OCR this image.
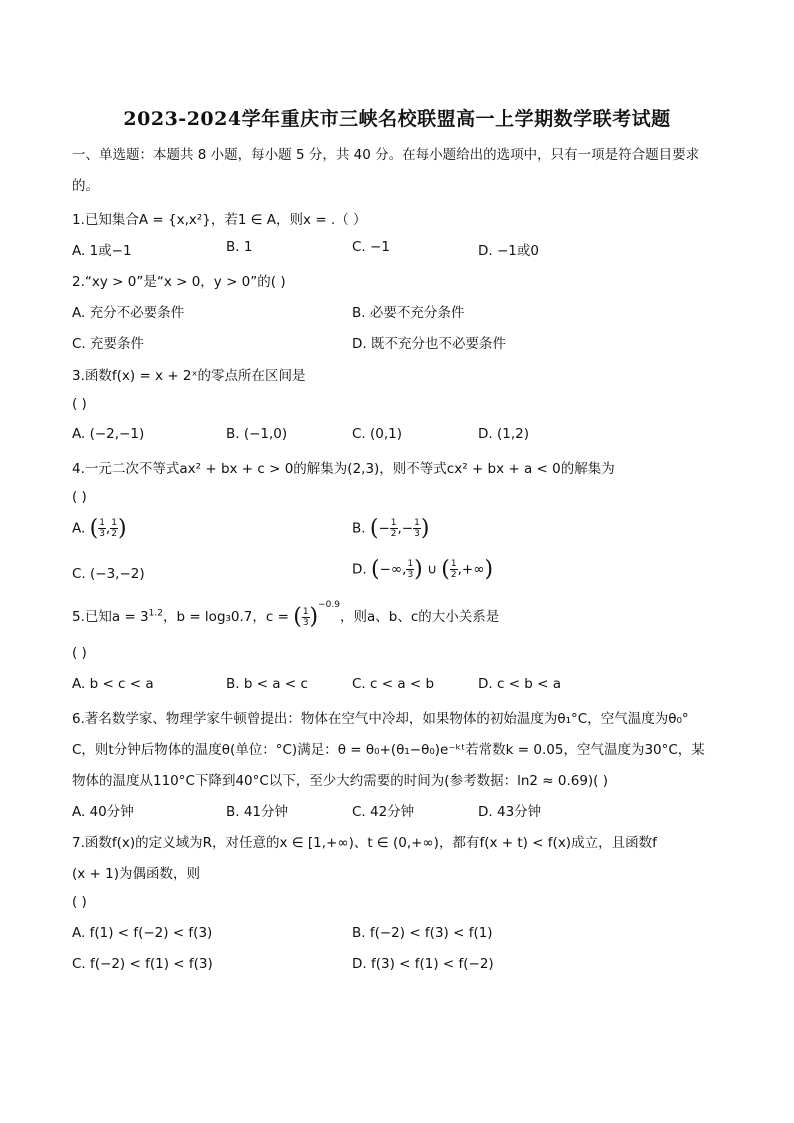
2023-2024学年重庆市三峡名校联盟高一上学期数学联考试题
一、单选题：本题共 8 小题，每小题 5 分，共 40 分。在每小题给出的选项中，只有一项是符合题目要求
的。
1.已知集合A = {x,x²}，若1 ∈ A，则x = .（ ）
A. 1或−1	B. 1	C. −1	D. −1或0
2.“xy > 0”是“x > 0，y > 0”的( )
A. 充分不必要条件	B. 必要不充分条件
C. 充要条件	D. 既不充分也不必要条件
3.函数f(x) = x + 2ˣ的零点所在区间是
( )
A. (−2,−1)	B. (−1,0)	C. (0,1)	D. (1,2)
4.一元二次不等式ax² + bx + c > 0的解集为(2,3)，则不等式cx² + bx + a < 0的解集为
( )
A. ( $\frac{1}{3}$ , $\frac{1}{2}$ )	B. (− $\frac{1}{2}$ ,− $\frac{1}{3}$ )
C. (−3,−2)	D. (−∞, $\frac{1}{3}$ ) ∪ ( $\frac{1}{2}$ ,+∞)
5.已知$a = 3^{1.2}$，b = log₃0.7，c = ( $\frac{1}{3} )^{-0.9}$，则a、b、c的大小关系是
( )
A. b < c < a	B. b < a < c	C. c < a < b	D. c < b < a
6.著名数学家、物理学家牛顿曾提出：物体在空气中冷却，如果物体的初始温度为θ₁°C，空气温度为θ₀°
C，则t分钟后物体的温度θ(单位：°C)满足：θ = θ₀+(θ₁−θ₀)e⁻ᵏᵗ若常数k = 0.05，空气温度为30°C，某
物体的温度从110°C下降到40°C以下，至少大约需要的时间为(参考数据：ln2 ≈ 0.69)( )
A. 40分钟	B. 41分钟	C. 42分钟	D. 43分钟
7.函数f(x)的定义域为R，对任意的x ∈ [1,+∞)、t ∈ (0,+∞)，都有f(x + t) < f(x)成立，且函数f
(x + 1)为偶函数，则
( )
A. f(1) < f(−2) < f(3)	B. f(−2) < f(3) < f(1)
C. f(−2) < f(1) < f(3)	D. f(3) < f(1) < f(−2)
